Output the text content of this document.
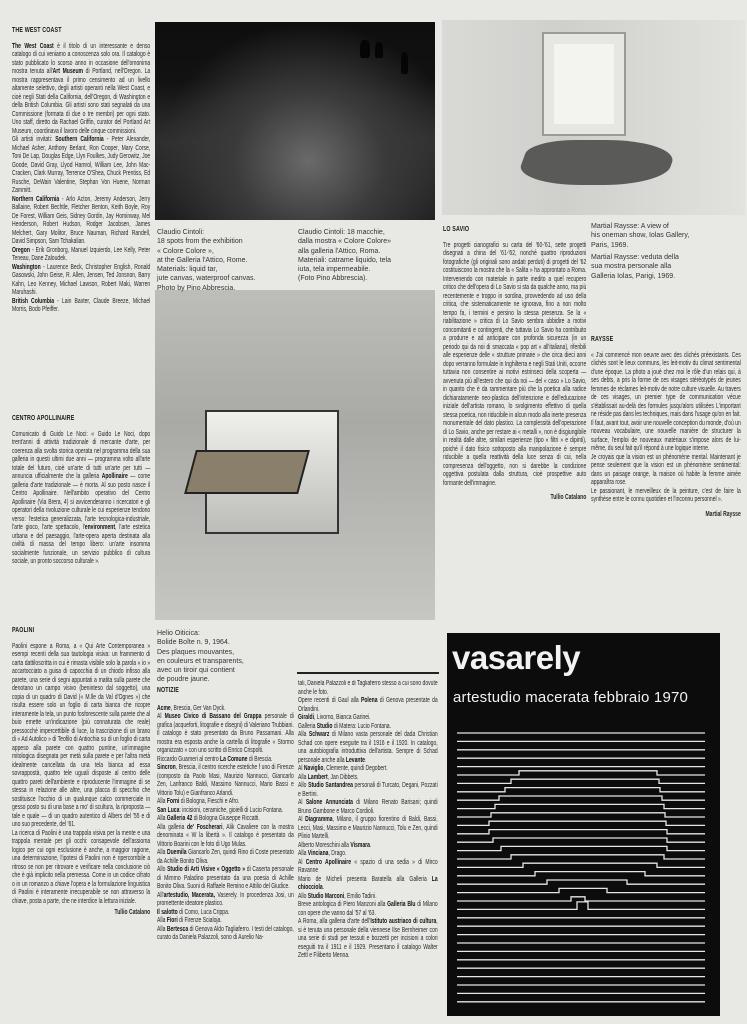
THE WEST COAST

The West Coast è il titolo di un interessante e denso catalogo di cui veniamo a conoscenza solo ora. Il catalogo è stato pubblicato lo scorso anno in occasione dell'omonima mostra tenuta all'Art Museum di Portland, nell'Oregon. La mostra rappresentava il primo censimento ad un livello altamente selettivo, degli artisti operanti nella West Coast, e cioè negli Stati della California, dell'Oregon, di Washington e della British Columbia. Gli artisti sono stati segnalati da una Commissione (formata di due o tre membri) per ogni stato. Uno staff, diretto da Rachael Griffin, curator del Portland Art Museum, coordinava il lavoro delle cinque commissioni.

Gli artisti invitati: Southern California - Peter Alexander, Michael Asher, Anthony Berlant, Ron Cooper, Mary Corse, Toni De Lap, Douglas Edge, Llyn Foulkes, Judy Gerowitz, Joe Goode, David Gray, Llyod Hamrol, William Lee, John Mac-Cracken, Clark Murray, Terrence O'Shea, Chuck Prentiss, Ed Rusche, DeWain Valentine, Stephan Von Huene, Norman Zammitt.

Northern California - Arlo Acton, Jeremy Anderson, Jerry Ballaine, Robert Bechtle, Fletcher Benton, Keith Boyle, Roy De Forest, William Geis, Sidney Gordin, Jay Hominway, Mel Henderson, Robert Hudson, Rodger Jacobsen, James Melchert, Gary Molitor, Bruce Nauman, Richard Randell, David Simpson, Sam Tchakalian.

Oregon - Erik Gronborg, Manuel Izquierdo, Lee Kelly, Peter Teneau, Dane Zaloudek.

Washington - Laurence Beck, Christopher English, Ronald Gasowski, John Geise, R. Allen, Jensen, Ted Jonsnon, Barry Kahn, Leo Kenney, Michael Lawson, Robert Maki, Warren Maruhashi.

British Columbia - Lain Baxter, Claude Breeze, Michael Morris, Bodo Pfeiffer.

CENTRO APOLLINAIRE

Comunicato di Guido Le Noci: « Guido Le Noci, dopo trent'anni di attività tradizionale di mercante d'arte, per coerenza alla svolta storica operata nel programma della sua galleria in questi ultimi due anni — programma volto all'arte totale del futuro, cioè un'arte di tutti un'arte per tutti — annuncia ufficialmente che la galleria Apollinaire — come galleria d'arte tradizionale — è morta. Al suo posto nasce il Centro Apollinaire. Nell'ambito operativo del Centro Apollinaire (Via Brera, 4) si avvicenderanno i ricercatori e gli operatori della rivoluzione culturale le cui esperienze tendono verso: l'estetica generalizzata, l'arte tecnologica-industriale, l'arte gioco, l'arte spettacolo, l'environment, l'arte estetica urbana e del paesaggio, l'arte-opera aperta destinata alla civiltà di massa del tempo libero: un'arte insomma socialmente funzionale, un servizio pubblico di cultura sociale, un pronto soccorso culturale ».

PAOLINI

Paolini espone a Roma, a « Qui Arte Contemporanea » esempi recenti della sua tautologia visiva: un frammento di carta dattiloscritta in cui è rimasta visibile solo la parola « io » accartocciato a guisa di capocchia di un chiodo infisso alla parete, una serie di segni appuntati a matita sulla parete che denotano un campo visivo (beninteso dal soggetto), una copia di un quadro di David (« M.lle da Val d'Ognes ») che risulta essere solo un foglio di carta bianca che ricopre interamente la tela, un punto fosforescente sulla parete che al buio emette un'indicazione (più connaturata che reale) pressocché impercettibile di luce, la trascrizione di un brano di « Ad Autolico » di Teofilo di Antiochia su di un foglio di carta appeso alla parete con quattro puntine, un'immagine mitologica disegnata per metà sulla parete e per l'altra metà idealmente cancellata da una tela bianca ad essa sovrappostà, quattro tele uguali disposte al centro delle quattro pareti dell'ambiente e riproducente l'immagine di se stessa in relazione alle altre, una placca di specchio che sostituisce l'occhio di un qualunque calco commerciale in gesso posto su di una base a mo' di scultura, la riproposta — tale e quale — di un quadro autentico di Albers del '55 e di uno suo precedente, del '61.

La ricerca di Paolini è una trappola visiva per la mente e una trappola mentale per gli occhi: consapevole dell'assioma logico per cui ogni esclusione è anche, a maggior ragione, una determinazione, l'ipotesi di Paolini non è ripercorribile a ritroso se non per ritrovare e verificare nella conclusione ciò che è già implicito nella premessa. Come in un codice cifrato o in un romanzo a chiave l'opera e la formulazione linguistica di Paolini è interamente irrecuperabile se non attraverso la chiave, posta a parte, che ne interdice la lettura iniziale.

Tullio Catalano
Claudio Cintoli:
18 spots from the exhibition
« Colore Colore »,
at the Galleria l'Attico, Rome.
Materials: liquid tar,
jute canvas, waterproof canvas.
Photo by Pino Abbrescia.
Claudio Cintoli: 18 macchie,
dalla mostra « Colore Colore»
alla galleria l'Attico, Roma.
Materiali: catrame liquido, tela
iuta, tela impermeabile.
(Foto Pino Abbrescia).
Martial Raysse: A view of
his oneman show, Iolas Gallery,
Paris, 1969.
Martial Raysse: veduta della
sua mostra personale alla
Galleria Iolas, Parigi, 1969.
Helio Oiticica:
Bolide Boîte n. 9, 1964.
Des plaques mouvantes,
en couleurs et transparents,
avec un tiroir qui contient
de poudre jaune.
LO SAVIO

Tre progetti cianografici su carta del '60-'61, sette progetti disegnati a china del '61-'62, nonché quattro riproduzioni fotografiche (gli originali sono andati perduti) di progetti del '62 costituiscono la mostra che la « Salita » ha approntato a Roma. Intervenendo con materiale in parte inedito a quel recupero critico che dell'opera di Lo Savio si sta da qualche anno, ma più recentemente e troppo in sordina, provvedendo ad uso della critica, che sistematicamente ne ignorava, fino a non molto tempo fa, i termini e persino la stessa presenza. Se la « riabilitazione » critica di Lo Savio sembra ubbidire a motivi concomitanti e contingenti, che tuttavia Lo Savio ha contribuito a produrre e ad anticipare con profonda sicurezza (in un periodo qui da noi di smaccata « pop art » all'italiana), riferibili alle esperienze delle « strutture primarie » che circa dieci anni dopo verranno formulate in Inghilterra e negli Stati Uniti, occorre tuttavia non consentire ai motivi estrinseci della scoperta — avvenuta più all'estero che qui da noi — del « caso » Lo Savio, in quanto che è da rammentare più che la poetica alla radice dichiaratamente neo-plastica dell'intenzione e dell'educazione iniziale dell'artista romano, lo svolgimento effettivo di quella stessa poetica, non riducibile in alcun modo alla inerte presenza monumentale del dato plastico. La complessità dell'operazione di Lo Savio, anche per restare ai « metalli », non è disgiungibile in realtà dalle altre, similari esperienze (tipo « filtri » e dipinti), poiché il dato fisico sottoposto alla manipolazione è sempre riducibile a quella reattività della luce senza di cui, nella compresenza dell'oggetto, non si darebbe la condizione oggettiva postulata dalla struttura, cioè prospettive auto formante dell'immagine.

Tullio Catalano
RAYSSE

« J'ai commencé mon oeuvre avec des clichés préexistants. Ces clichés sont le lieux communs, les leit-motiv du climat sentimental d'une époque. La photo a joué chez moi le rôle d'un relais qui, à ses debts, a pris la forme de ces visages stéréotypés de jeunes femmes de réclames leit-motiv de notre culture visuelle. Au travers de ces visages, un premier type de communication vécue s'établissait au-delà des formules jusqu'alors utilisées L'important ne réside pas dans les techniques, mais dans l'usage qu'on en fait. Il faut, avant tout, avoir une nouvelle conception du monde, d'où un nouveau vocabulaire, une nouvelle manière de structurer la surface, l'emploi de nouveaux matériaux s'impose alors de lui-même, du seul fait qu'il répond à une logique interne.

Je croyais que la vision est un phénomène mental. Maintenant je pense seulement que la vision est un phénomène sentimental: dans un paisage orange, la maison où habite la femme aimée apparaîtra rose.

Le passionant, le merveilleux de la peinture, c'est de faire la synthèse entre le connu quotidien et l'inconnu personnel ».

Martial Raysse
NOTIZIE

Acme, Brescia, Ger Van Dyck.

Al Museo Civico di Bassano del Grappa personale di grafica (acqueforti, litografie e disegni) di Valeriano Trubbiani. Il catalogo è stato presentato da Bruno Passamani. Alla mostra era esposta anche la cartella di litografie « Stormo organizzato » con uno scritto di Enrico Crispolti.

Riccardo Guarneri al centro La Comune di Brescia.

Sincron, Brescia, il centro ricerche estetiche f uno di Firenze (composto da Paolo Masi, Maurizio Nannucci, Giancarlo Zen, Lanfranco Baldi, Massimo Nannucci, Mario Bassi e Vittorio Tolu) e Gianfranco Arlandi.

Alla Forni di Bologna, Fieschi e Afro.

San Luca: incisioni, ceramiche, gioielli di Lucio Fontana.

Alla Galleria 42 di Bologna Giuseppe Riccatti.

Alla galleria de' Foscherari, Alik Cavaliere con la mostra denominata « W la libertà ». Il catalogo è presentato da Vittorio Boarini con le foto di Ugo Mulas.

Alla Duemila Giancarlo Zen, quindi Rino di Coste presentato da Achille Bonito Oliva.

Allo Studio di Arti Visive « Oggetto » di Caserta personale di Mimmo Paladino presentato da una poesia di Achille Bonito Oliva. Suoni di Raffaele Remino e Attilio del Giudice.

All'artestudio, Macerata, Vaserely. In procedenza Josi, un promettente ideatore plastico.

Il salotto di Como, Luca Crippa.

Alla Fiori di Firenze Scialoja.

Alla Bertesca di Genova Aldo Tagliaferro. I testi del catalogo, curato da Daniela Palazzoli, sono di Aurelio Na-

tali, Daniela Palazzoli e di Tagliaferro stesso a cui sono dovute anche le foto.

Opere recenti di Gaul alla Polena di Genova presentate da Orlandini.

Giraldi, Livorno, Bianca Garinei.

Galleria Studio di Matera: Lucio Fontana.

Alla Schwarz di Milano vasta personale del dada Christian Schad con opere eseguite tra il 1916 e il 1920. In catalogo, una autobiografia introduttiva dell'artista. Sempre di Schad personale anche alla Levante.

Al Naviglio, Clemente, quindi Degobert.

Alla Lambert, Jan Dibbets.

Allo Studio Santandrea personali di Turcato, Degani, Pozzati e Bertini.

Al Salone Annunciata di Milano Renato Barisani; quindi Bruno Gambone e Marco Cordioli.

Al Diagramma, Milano, il gruppo fiorentino di Baldi, Bassi, Lecci, Masi, Massimo e Maurizio Nannucci, Tolu e Zen, quindi Plinio Martelli.

Alberto Moreschini alla Vismara.

Alla Vinciana, Drago.

Al Centro Apollinaire « spazio di una sedia » di Mirco Ravanne

Mario de Micheli presenta Baratella alla Galleria La chiocciola.

Allo Studio Marconi, Emilio Tadini.

Breve antologica di Piero Manzoni alla Galleria Blu di Milano con opere che vanno dal '57 al '63.

A Roma, alla galleria d'arte dell'Istituto austriaco di cultura, si è tenuta una personale della viennese Ilse Bernheimer con una serie di studi per tessuti e bozzetti per incisioni a colori eseguiti tra il 1911 e il 1929. Presentano il catalogo Walter Zettl e Filiberto Menna.

vasarely
artestudio macerata febbraio 1970
